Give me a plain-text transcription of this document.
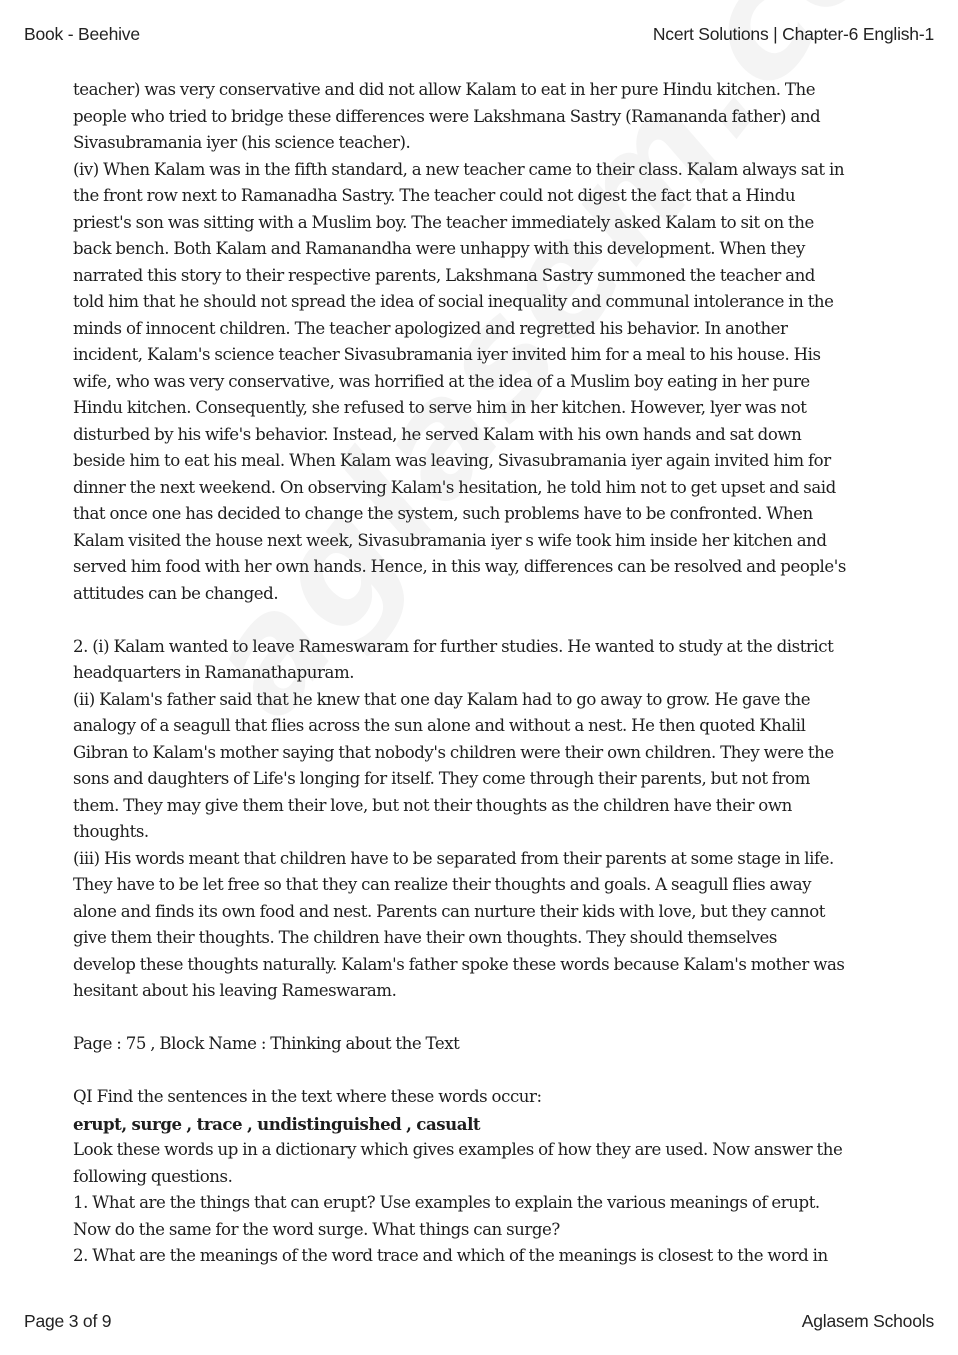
Book - Beehive	Ncert Solutions | Chapter-6 English-1

teacher) was very conservative and did not allow Kalam to eat in her pure Hindu kitchen. The

people who tried to bridge these differences were Lakshmana Sastry (Ramananda father) and

Sivasubramania iyer (his science teacher).

(iv) When Kalam was in the fifth standard, a new teacher came to their class. Kalam always sat in

the front row next to Ramanadha Sastry. The teacher could not digest the fact that a Hindu

priest's son was sitting with a Muslim boy. The teacher immediately asked Kalam to sit on the

back bench. Both Kalam and Ramanandha were unhappy with this development. When they

narrated this story to their respective parents, Lakshmana Sastry summoned the teacher and

told him that he should not spread the idea of social inequality and communal intolerance in the

minds of innocent children. The teacher apologized and regretted his behavior. In another

incident, Kalam's science teacher Sivasubramania iyer invited him for a meal to his house. His

wife, who was very conservative, was horrified at the idea of a Muslim boy eating in her pure

Hindu kitchen. Consequently, she refused to serve him in her kitchen. However, lyer was not

disturbed by his wife's behavior. Instead, he served Kalam with his own hands and sat down

beside him to eat his meal. When Kalam was leaving, Sivasubramania iyer again invited him for

dinner the next weekend. On observing Kalam's hesitation, he told him not to get upset and said

that once one has decided to change the system, such problems have to be confronted. When

Kalam visited the house next week, Sivasubramania iyer s wife took him inside her kitchen and

served him food with her own hands. Hence, in this way, differences can be resolved and people's

attitudes can be changed.

2. (i) Kalam wanted to leave Rameswaram for further studies. He wanted to study at the district

headquarters in Ramanathapuram.

(ii) Kalam's father said that he knew that one day Kalam had to go away to grow. He gave the

analogy of a seagull that flies across the sun alone and without a nest. He then quoted Khalil

Gibran to Kalam's mother saying that nobody's children were their own children. They were the

sons and daughters of Life's longing for itself. They come through their parents, but not from

them. They may give them their love, but not their thoughts as the children have their own

thoughts.

(iii) His words meant that children have to be separated from their parents at some stage in life.

They have to be let free so that they can realize their thoughts and goals. A seagull flies away

alone and finds its own food and nest. Parents can nurture their kids with love, but they cannot

give them their thoughts. The children have their own thoughts. They should themselves

develop these thoughts naturally. Kalam's father spoke these words because Kalam's mother was

hesitant about his leaving Rameswaram.

Page : 75 , Block Name : Thinking about the Text

QI Find the sentences in the text where these words occur:

erupt, surge , trace , undistinguished , casualt

Look these words up in a dictionary which gives examples of how they are used. Now answer the

following questions.

1. What are the things that can erupt? Use examples to explain the various meanings of erupt.

Now do the same for the word surge. What things can surge?

2. What are the meanings of the word trace and which of the meanings is closest to the word in

Page 3 of 9	Aglasem Schools
